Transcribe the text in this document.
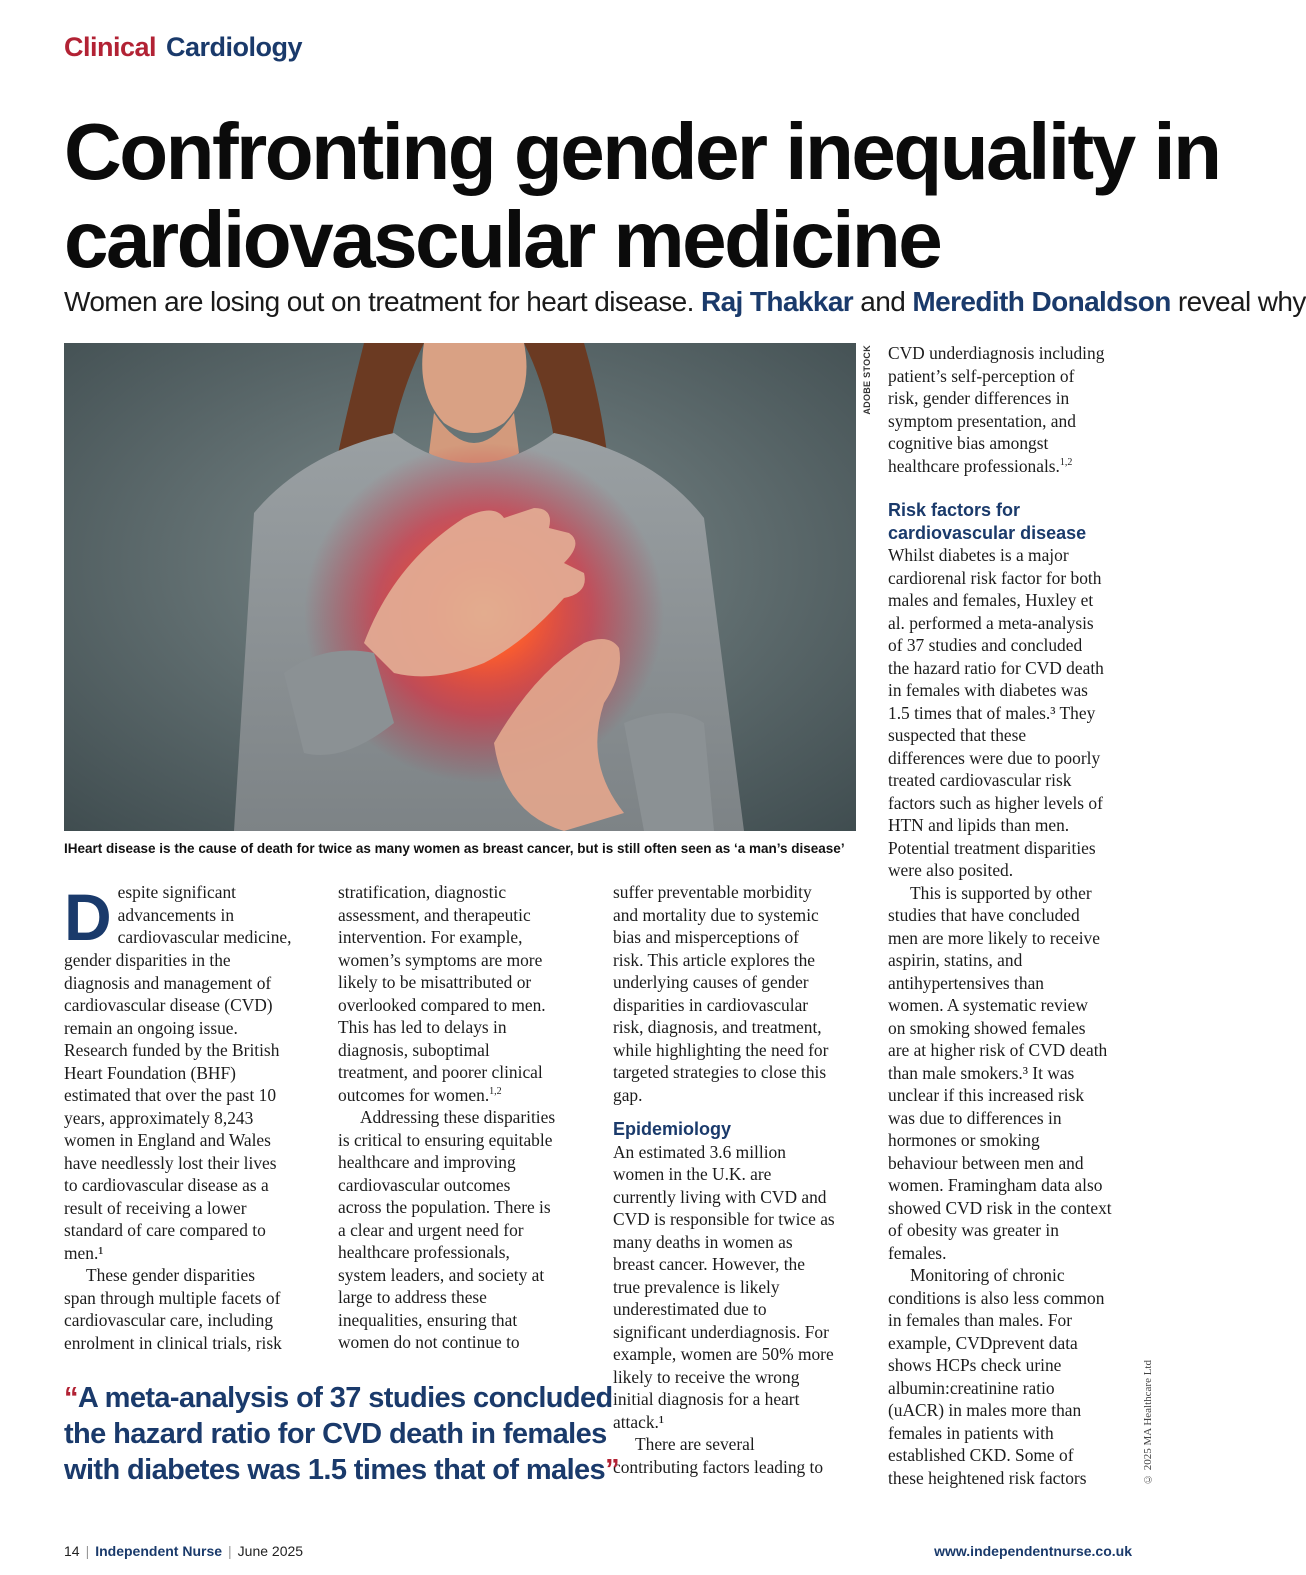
Clinical Cardiology
Confronting gender inequality in
cardiovascular medicine
Women are losing out on treatment for heart disease. Raj Thakkar and Meredith Donaldson reveal why
ADOBE STOCK
IHeart disease is the cause of death for twice as many women as breast cancer, but is still often seen as ‘a man’s disease’

D espite significant
advancements in
cardiovascular medicine,
gender disparities in the
diagnosis and management of
cardiovascular disease (CVD)
remain an ongoing issue.
Research funded by the British
Heart Foundation (BHF)
estimated that over the past 10
years, approximately 8,243
women in England and Wales
have needlessly lost their lives
to cardiovascular disease as a
result of receiving a lower
standard of care compared to
men.¹

These gender disparities
span through multiple facets of
cardiovascular care, including
enrolment in clinical trials, risk

stratification, diagnostic
assessment, and therapeutic
intervention. For example,
women’s symptoms are more
likely to be misattributed or
overlooked compared to men.
This has led to delays in
diagnosis, suboptimal
treatment, and poorer clinical
outcomes for women.$^{1,2}$

Addressing these disparities
is critical to ensuring equitable
healthcare and improving
cardiovascular outcomes
across the population. There is
a clear and urgent need for
healthcare professionals,
system leaders, and society at
large to address these
inequalities, ensuring that
women do not continue to

suffer preventable morbidity
and mortality due to systemic
bias and misperceptions of
risk. This article explores the
underlying causes of gender
disparities in cardiovascular
risk, diagnosis, and treatment,
while highlighting the need for
targeted strategies to close this
gap.

Epidemiology

An estimated 3.6 million
women in the U.K. are
currently living with CVD and
CVD is responsible for twice as
many deaths in women as
breast cancer. However, the
true prevalence is likely
underestimated due to
significant underdiagnosis. For
example, women are 50% more
likely to receive the wrong
initial diagnosis for a heart
attack.¹

There are several
contributing factors leading to

CVD underdiagnosis including
patient’s self-perception of
risk, gender differences in
symptom presentation, and
cognitive bias amongst
healthcare professionals.$^{1,2}$

Risk factors for
cardiovascular disease

Whilst diabetes is a major
cardiorenal risk factor for both
males and females, Huxley et
al. performed a meta-analysis
of 37 studies and concluded
the hazard ratio for CVD death
in females with diabetes was
1.5 times that of males.³ They
suspected that these
differences were due to poorly
treated cardiovascular risk
factors such as higher levels of
HTN and lipids than men.
Potential treatment disparities
were also posited.

This is supported by other
studies that have concluded
men are more likely to receive
aspirin, statins, and
antihypertensives than
women. A systematic review
on smoking showed females
are at higher risk of CVD death
than male smokers.³ It was
unclear if this increased risk
was due to differences in
hormones or smoking
behaviour between men and
women. Framingham data also
showed CVD risk in the context
of obesity was greater in
females.

Monitoring of chronic
conditions is also less common
in females than males. For
example, CVDprevent data
shows HCPs check urine
albumin:creatinine ratio
(uACR) in males more than
females in patients with
established CKD. Some of
these heightened risk factors

“A meta-analysis of 37 studies concluded
the hazard ratio for CVD death in females
with diabetes was 1.5 times that of males”	© 2025 MA Healthcare Ltd
14 | Independent Nurse | June 2025	www.independentnurse.co.uk
